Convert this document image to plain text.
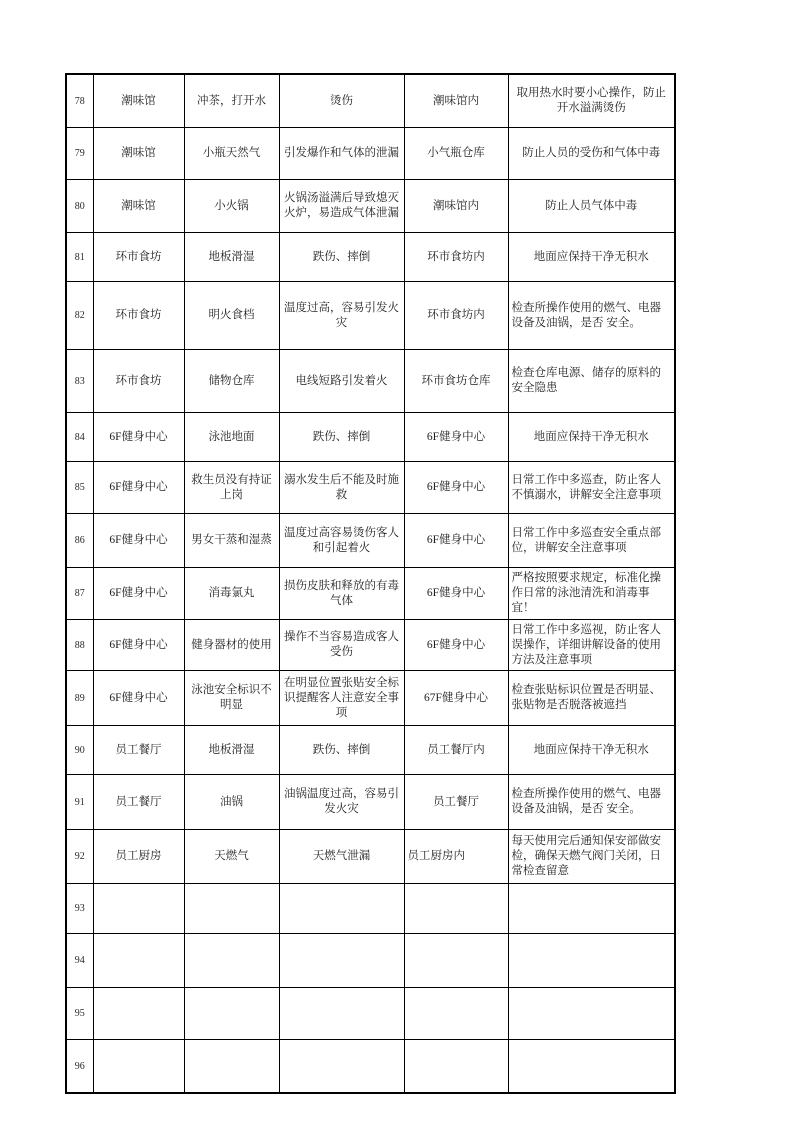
78	潮味馆	冲茶，打开水	烫伤	潮味馆内	取用热水时要小心操作，防止开水溢满烫伤
79	潮味馆	小瓶天然气	引发爆作和气体的泄漏	小气瓶仓库	防止人员的受伤和气体中毒
80	潮味馆	小火锅	火锅汤溢满后导致熄灭火炉，易造成气体泄漏	潮味馆内	防止人员气体中毒
81	环市食坊	地板滑湿	跌伤、摔倒	环市食坊内	地面应保持干净无积水
82	环市食坊	明火食档	温度过高，容易引发火灾	环市食坊内	检查所操作使用的燃气、电器设备及油锅，是否 安全。
83	环市食坊	储物仓库	电线短路引发着火	环市食坊仓库	检查仓库电源、储存的原料的安全隐患
84	6F健身中心	泳池地面	跌伤、摔倒	6F健身中心	地面应保持干净无积水
85	6F健身中心	救生员没有持证上岗	溺水发生后不能及时施救	6F健身中心	日常工作中多巡查，防止客人不慎溺水，讲解安全注意事项
86	6F健身中心	男女干蒸和湿蒸	温度过高容易烫伤客人和引起着火	6F健身中心	日常工作中多巡查安全重点部位，讲解安全注意事项
87	6F健身中心	消毒氯丸	损伤皮肤和释放的有毒气体	6F健身中心	严格按照要求规定，标准化操作日常的泳池清洗和消毒事宜！
88	6F健身中心	健身器材的使用	操作不当容易造成客人受伤	6F健身中心	日常工作中多巡视，防止客人误操作，详细讲解设备的使用方法及注意事项
89	6F健身中心	泳池安全标识不明显	在明显位置张贴安全标识提醒客人注意安全事项	67F健身中心	检查张贴标识位置是否明显、张贴物是否脱落被遮挡
90	员工餐厅	地板滑湿	跌伤、摔倒	员工餐厅内	地面应保持干净无积水
91	员工餐厅	油锅	油锅温度过高，容易引发火灾	员工餐厅	检查所操作使用的燃气、电器设备及油锅，是否 安全。
92	员工厨房	天燃气	天燃气泄漏	员工厨房内	每天使用完后通知保安部做安检，确保天燃气阀门关闭，日常检查留意
93					
94					
95					
96					
